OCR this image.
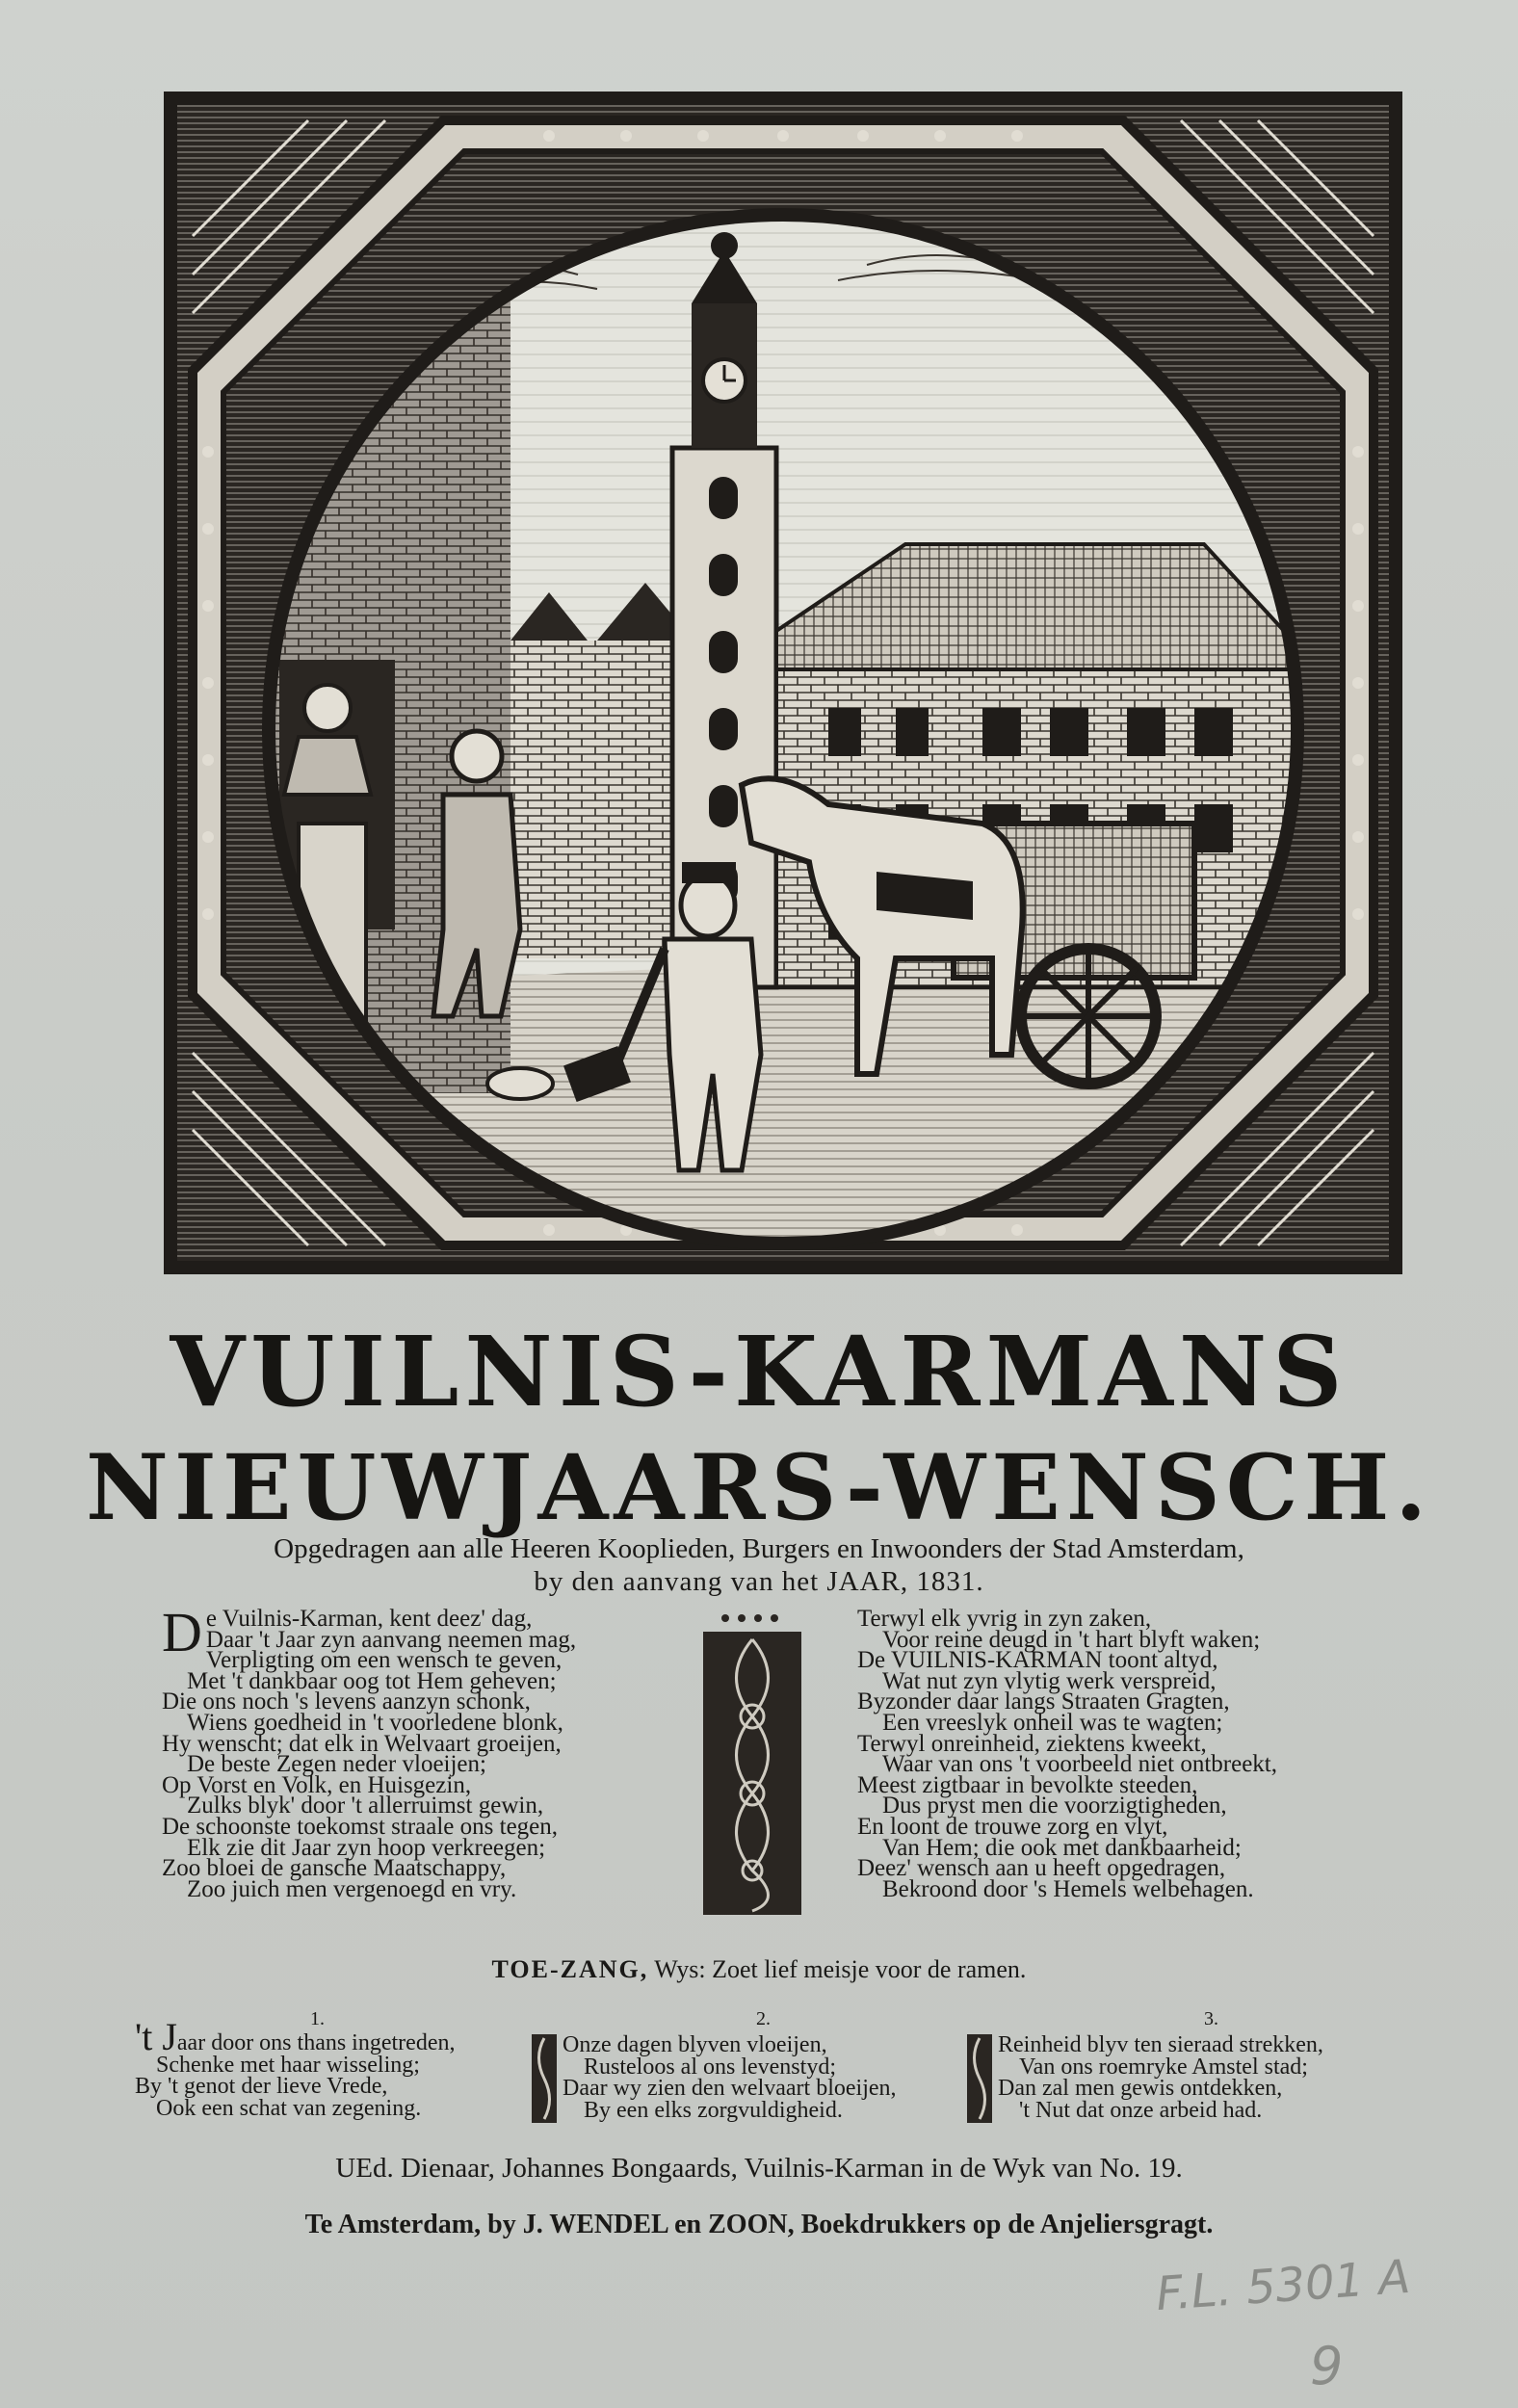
VUILNIS-KARMANS
NIEUWJAARS-WENSCH.
Opgedragen aan alle Heeren Kooplieden, Burgers en Inwoonders der Stad Amsterdam,
by den aanvang van het JAAR, 1831.
De Vuilnis-Karman, kent deez' dag,
Daar 't Jaar zyn aanvang neemen mag,
Verpligting om een wensch te geven,
Met 't dankbaar oog tot Hem geheven;
Die ons noch 's levens aanzyn schonk,
Wiens goedheid in 't voorledene blonk,
Hy wenscht; dat elk in Welvaart groeijen,
De beste Zegen neder vloeijen;
Op Vorst en Volk, en Huisgezin,
Zulks blyk' door 't allerruimst gewin,
De schoonste toekomst straale ons tegen,
Elk zie dit Jaar zyn hoop verkreegen;
Zoo bloei de gansche Maatschappy,
Zoo juich men vergenoegd en vry.
Terwyl elk yvrig in zyn zaken,
Voor reine deugd in 't hart blyft waken;
De VUILNIS-KARMAN toont altyd,
Wat nut zyn vlytig werk verspreid,
Byzonder daar langs Straaten Gragten,
Een vreeslyk onheil was te wagten;
Terwyl onreinheid, ziektens kweekt,
Waar van ons 't voorbeeld niet ontbreekt,
Meest zigtbaar in bevolkte steeden,
Dus pryst men die voorzigtigheden,
En loont de trouwe zorg en vlyt,
Van Hem; die ook met dankbaarheid;
Deez' wensch aan u heeft opgedragen,
Bekroond door 's Hemels welbehagen.
TOE-ZANG, Wys: Zoet lief meisje voor de ramen.
1.
't Jaar door ons thans ingetreden,
Schenke met haar wisseling;
By 't genot der lieve Vrede,
Ook een schat van zegening.
2.
Onze dagen blyven vloeijen,
Rusteloos al ons levenstyd;
Daar wy zien den welvaart bloeijen,
By een elks zorgvuldigheid.
3.
Reinheid blyv ten sieraad strekken,
Van ons roemryke Amstel stad;
Dan zal men gewis ontdekken,
't Nut dat onze arbeid had.
UEd. Dienaar, Johannes Bongaards, Vuilnis-Karman in de Wyk van No. 19.
Te Amsterdam, by J. WENDEL en ZOON, Boekdrukkers op de Anjeliersgragt.
F.L. 5301 A
9
